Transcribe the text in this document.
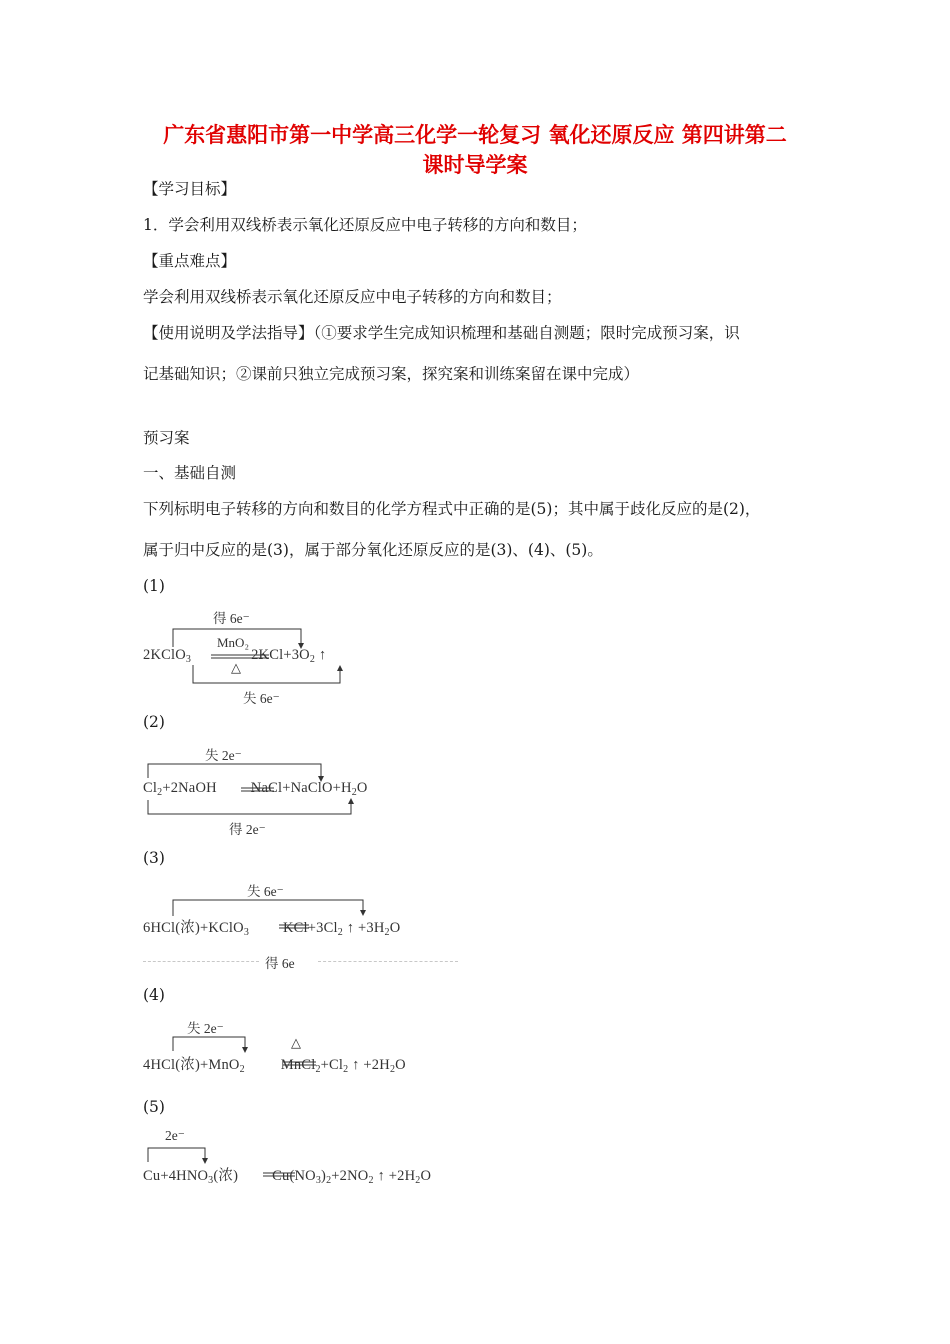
广东省惠阳市第一中学高三化学一轮复习 氧化还原反应 第四讲第二
课时导学案
【学习目标】
1．学会利用双线桥表示氧化还原反应中电子转移的方向和数目；
【重点难点】
学会利用双线桥表示氧化还原反应中电子转移的方向和数目；
【使用说明及学法指导】（①要求学生完成知识梳理和基础自测题；限时完成预习案，识
记基础知识；②课前只独立完成预习案，探究案和训练案留在课中完成）
预习案
一、基础自测
下列标明电子转移的方向和数目的化学方程式中正确的是(5)；其中属于歧化反应的是(2)，
属于归中反应的是(3)，属于部分氧化还原反应的是(3)、(4)、(5)。
(1)
得 6e⁻
MnO₂
△
2KClO$_3$	$2KCl+3O_2$ ↑
失 6e⁻
(2)
失 2e⁻
$Cl_2+2NaOH$ $NaCl+NaClO+H_2O$
得 2e⁻
(3)
失 6e⁻
6HCl(浓)+KClO$_3$ $KCl+3Cl_2$ ↑ $+3H_2O$
得 6e
(4)
失 2e⁻
△
4HCl(浓)+MnO$_2$ $MnCl_2+Cl_2$ ↑ $+2H_2O$
(5)
2e⁻
$Cu+4HNO_3$(浓) $Cu(NO_3)_2+2NO_2$ ↑ $+2H_2O$
